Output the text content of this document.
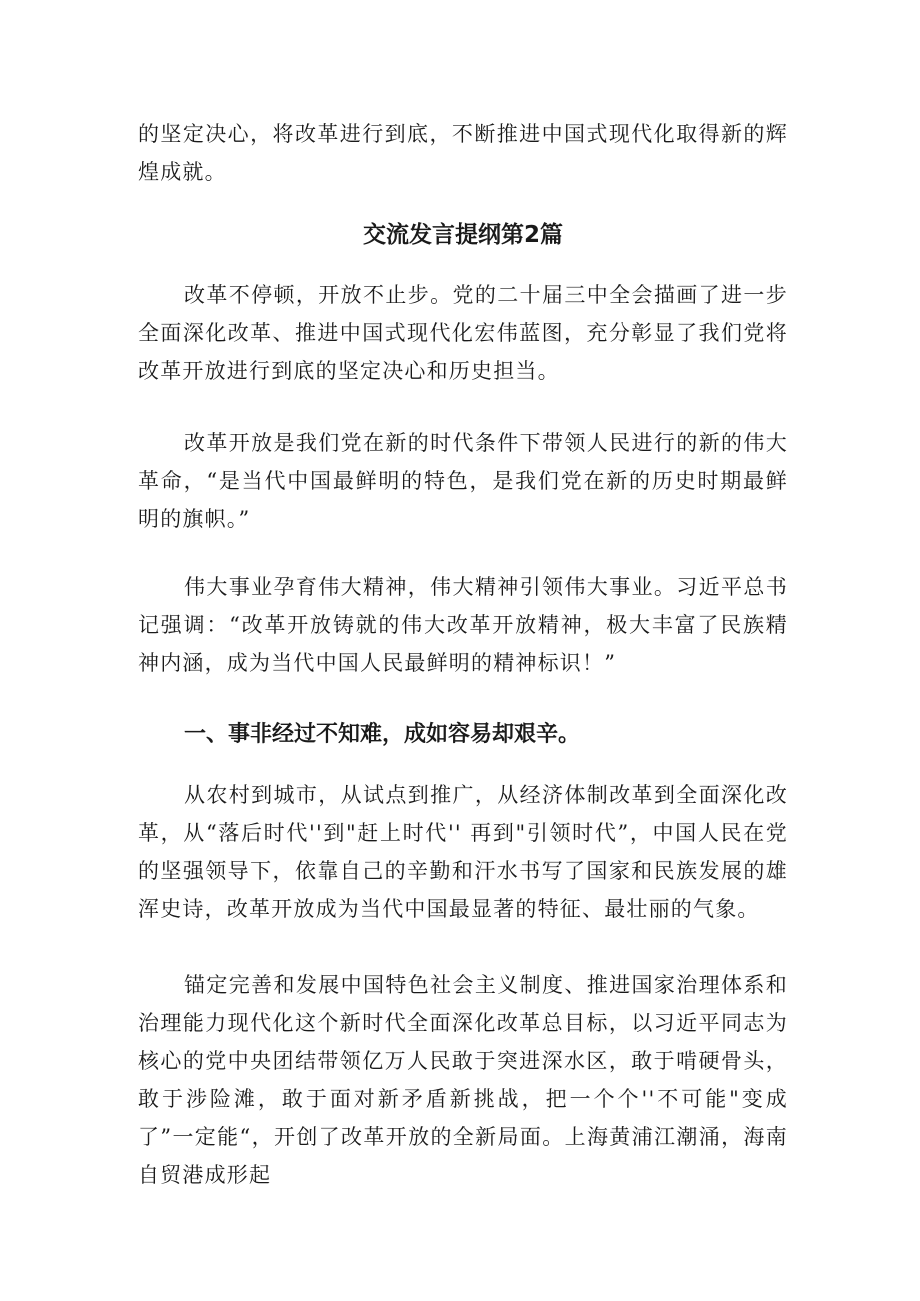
的坚定决心，将改革进行到底，不断推进中国式现代化取得新的辉煌成就。

交流发言提纲第2篇

改革不停顿，开放不止步。党的二十届三中全会描画了进一步全面深化改革、推进中国式现代化宏伟蓝图，充分彰显了我们党将改革开放进行到底的坚定决心和历史担当。

改革开放是我们党在新的时代条件下带领人民进行的新的伟大革命，“是当代中国最鲜明的特色，是我们党在新的历史时期最鲜明的旗帜。”

伟大事业孕育伟大精神，伟大精神引领伟大事业。习近平总书记强调：“改革开放铸就的伟大改革开放精神，极大丰富了民族精神内涵，成为当代中国人民最鲜明的精神标识！”

一、事非经过不知难，成如容易却艰辛。

从农村到城市，从试点到推广，从经济体制改革到全面深化改革，从“落后时代''到"赶上时代'' 再到"引领时代”，中国人民在党的坚强领导下，依靠自己的辛勤和汗水书写了国家和民族发展的雄浑史诗，改革开放成为当代中国最显著的特征、最壮丽的气象。

锚定完善和发展中国特色社会主义制度、推进国家治理体系和治理能力现代化这个新时代全面深化改革总目标，以习近平同志为核心的党中央团结带领亿万人民敢于突进深水区，敢于啃硬骨头，敢于涉险滩，敢于面对新矛盾新挑战，把一个个''不可能"变成了”一定能“，开创了改革开放的全新局面。上海黄浦江潮涌，海南自贸港成形起
